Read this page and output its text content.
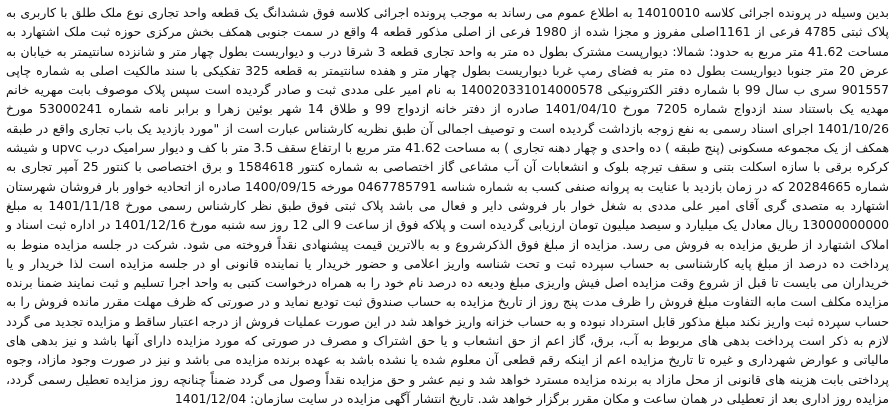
بدین وسیله در پرونده اجرائی کلاسه 14010010 به اطلاع عموم می رساند به موجب پرونده اجرائی کلاسه فوق ششدانگ یک قطعه واحد تجاری نوع ملک طلق با کاربری به پلاک ثبتی 4785 فرعی از 1161اصلی مفروز و مجزا شده از 1980 فرعی از اصلی مذکور قطعه 4 واقع در سمت جنوبی همکف بخش مرکزی حوزه ثبت ملک اشتهارد به مساحت 41.62 متر مربع به حدود: شمالا: دیوارپست مشترک بطول ده متر به واحد تجاری قطعه 3 شرقا درب و دیواریست بطول چهار متر و شانزده سانتیمتر به خیابان به عرض 20 متر جنوبا دیواریست بطول ده متر به فضای رمپ غربا دیواریست بطول چهار متر و هفده سانتیمتر به قطعه 325 تفکیکی با سند مالکیت اصلی به شماره چاپی 901557 سری ب سال 99 با شماره دفتر الکترونیکی 140020331014000578 به نام امیر علی مددی ثبت و صادر گردیده است سپس پلاک موصوف بابت مهریه خانم مهدیه یک باستناد سند ازدواج شماره 7205 مورخ 1401/04/10 صادره از دفتر خانه ازدواج 99 و طلاق 14 شهر بوئین زهرا و برابر نامه شماره 53000241 مورخ 1401/10/26 اجرای اسناد رسمی به نفع زوجه بازداشت گردیده است و توصیف اجمالی آن طبق نظریه کارشناس عبارت است از "مورد بازدید یک باب تجاری واقع در طبقه همکف از یک مجموعه مسکونی (پنج طبقه ) ده واحدی و چهار دهنه تجاری ) به مساحت 41.62 متر مربع با ارتفاع سقف 3.5 متر با کف و دیوار سرامیک درب upvc و شیشه کرکره برقی با سازه اسکلت بتنی و سقف تیرچه بلوک و انشعابات آن آب مشاعی گاز اختصاصی به شماره کنتور 1584618 و برق اختصاصی با کنتور 25 آمپر تجاری به شماره 20284665 که در زمان بازدید با عنایت به پروانه صنفی کسب به شماره شناسه 0467785791 مورخه 1400/09/15 صادره از اتحادیه خواور بار فروشان شهرستان اشتهارد به متصدی گری آقای امیر علی مددی به شغل خوار بار فروشی دایر و فعال می باشد پلاک ثبتی فوق طبق نظر کارشناس رسمی مورخ 1401/11/18 به مبلغ 13000000000 ریال معادل یک میلیارد و سیصد میلیون تومان ارزیابی گردیده است و پلاکه فوق از ساعت 9 الی 12 روز سه شنبه مورخ 1401/12/16 در اداره ثبت اسناد و املاک اشتهارد از طریق مزایده به فروش می رسد. مزایده از مبلغ فوق الذکرشروع و به بالاترین قیمت پیشنهادی نقداً فروخته می شود. شرکت در جلسه مزایده منوط به پرداخت ده درصد از مبلغ پایه کارشناسی به حساب سپرده ثبت و تحت شناسه واریز اعلامی و حضور خریدار یا نماینده قانونی او در جلسه مزایده است لذا خریدار و یا خریداران می بایست تا قبل از شروع وقت مزایده اصل فیش واریزی مبلغ ودیعه ده درصد نام خود را به همراه درخواست کتبی به واحد اجرا تسلیم و ثبت نمایند ضمنا برنده مزایده مکلف است مابه التفاوت مبلغ فروش را ظرف مدت پنج روز از تاریخ مزایده به حساب صندوق ثبت تودیع نماید و در صورتی که ظرف مهلت مقرر مانده فروش را به حساب سپرده ثبت واریز نکند مبلغ مذکور قابل استرداد نبوده و به حساب خزانه واریز خواهد شد در این صورت عملیات فروش از درجه اعتبار ساقط و مزایده تجدید می گردد لازم به ذکر است پرداخت بدهی های مربوط به آب، برق، گاز اعم از حق انشعاب و یا حق اشتراک و مصرف در صورتی که مورد مزایده دارای آنها باشد و نیز بدهی های مالیاتی و عوارض شهرداری و غیره تا تاریخ مزایده اعم از اینکه رقم قطعی آن معلوم شده یا نشده باشد به عهده برنده مزایده می باشد و نیز در صورت وجود مازاد، وجوه پرداختی بابت هزینه های قانونی از محل مازاد به برنده مزایده مسترد خواهد شد و نیم عشر و حق مزایده نقداً وصول می گردد ضمناً چنانچه روز مزایده تعطیل رسمی گردد، مزایده روز اداری بعد از تعطیلی در همان ساعت و مکان مقرر برگزار خواهد شد. تاریخ انتشار آگهی مزایده در سایت سازمان: 1401/12/04
